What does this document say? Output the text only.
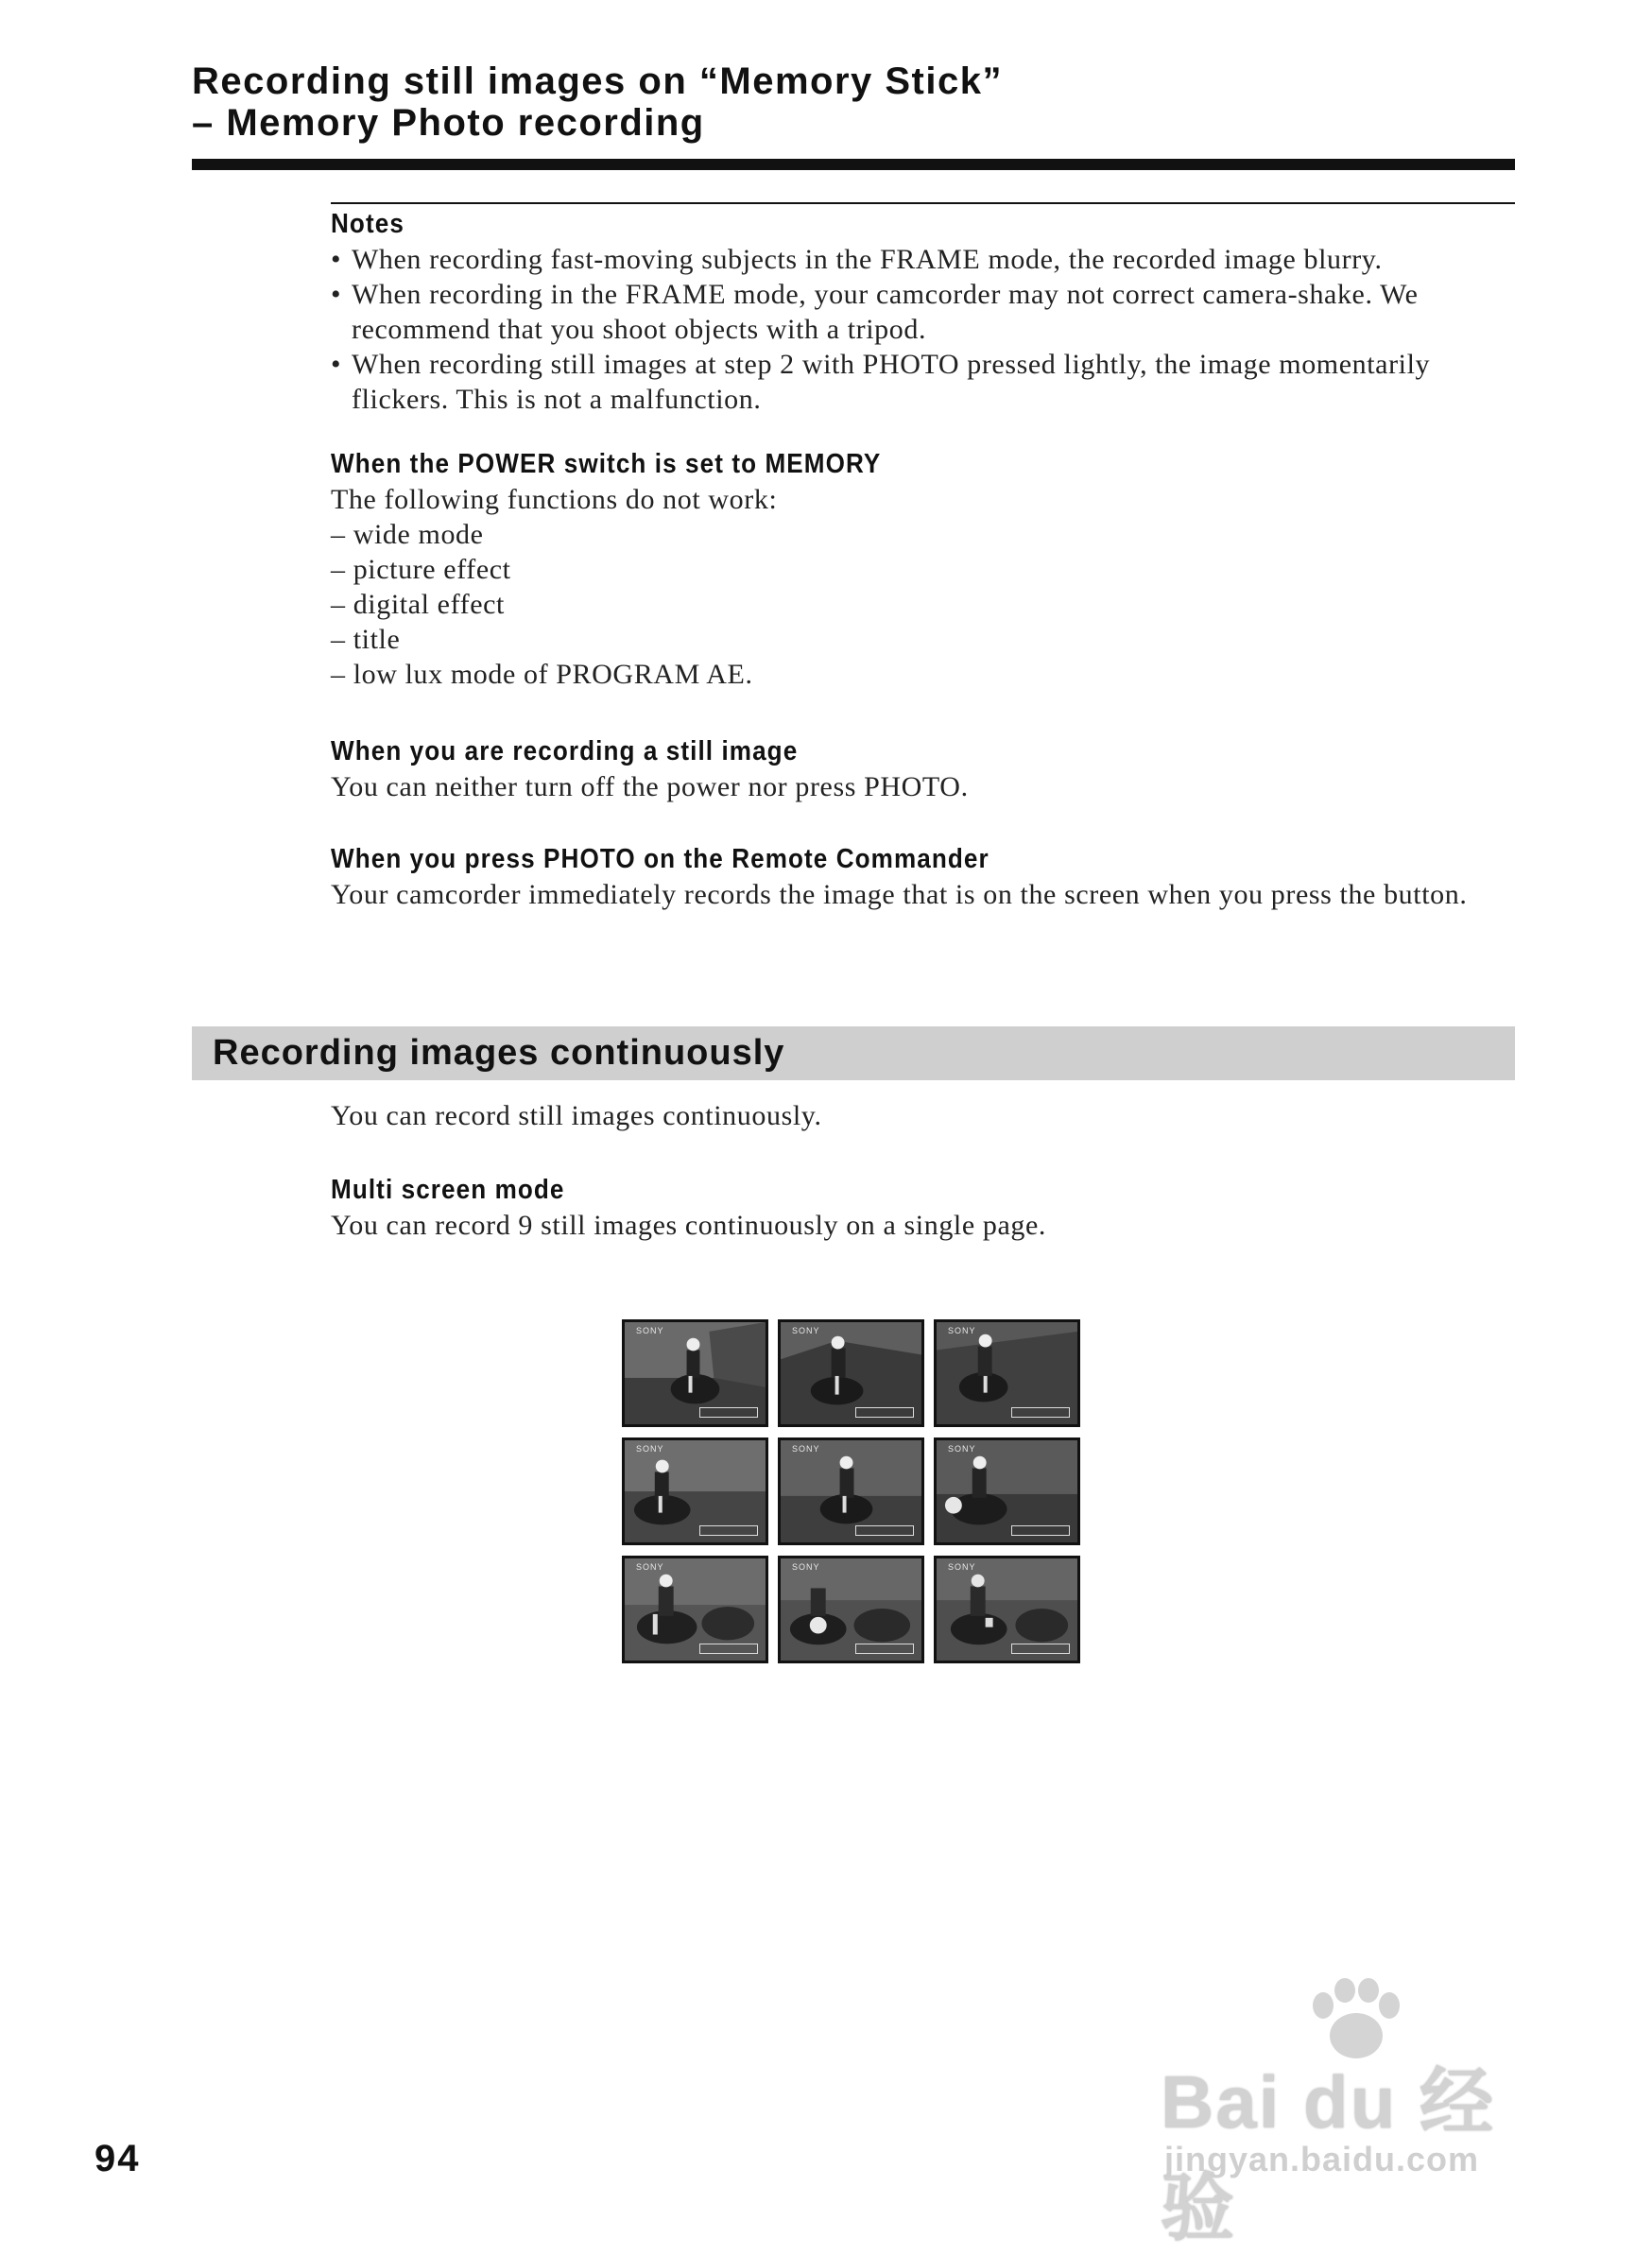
Recording still images on “Memory Stick”

– Memory Photo recording

Notes

• When recording fast-moving subjects in the FRAME mode, the recorded image blurry.
• When recording in the FRAME mode, your camcorder may not correct camera-shake. We recommend that you shoot objects with a tripod.
• When recording still images at step 2 with PHOTO pressed lightly, the image momentarily flickers. This is not a malfunction.

When the POWER switch is set to MEMORY

The following functions do not work:

– wide mode
– picture effect
– digital effect
– title
– low lux mode of PROGRAM AE.

When you are recording a still image

You can neither turn off the power nor press PHOTO.

When you press PHOTO on the Remote Commander

Your camcorder immediately records the image that is on the screen when you press the button.

Recording images continuously

You can record still images continuously.

Multi screen mode

You can record 9 still images continuously on a single page.

SONY	SONY	SONY
SONY	SONY	SONY
SONY	SONY	SONY

94

Bai du 经验
jingyan.baidu.com
